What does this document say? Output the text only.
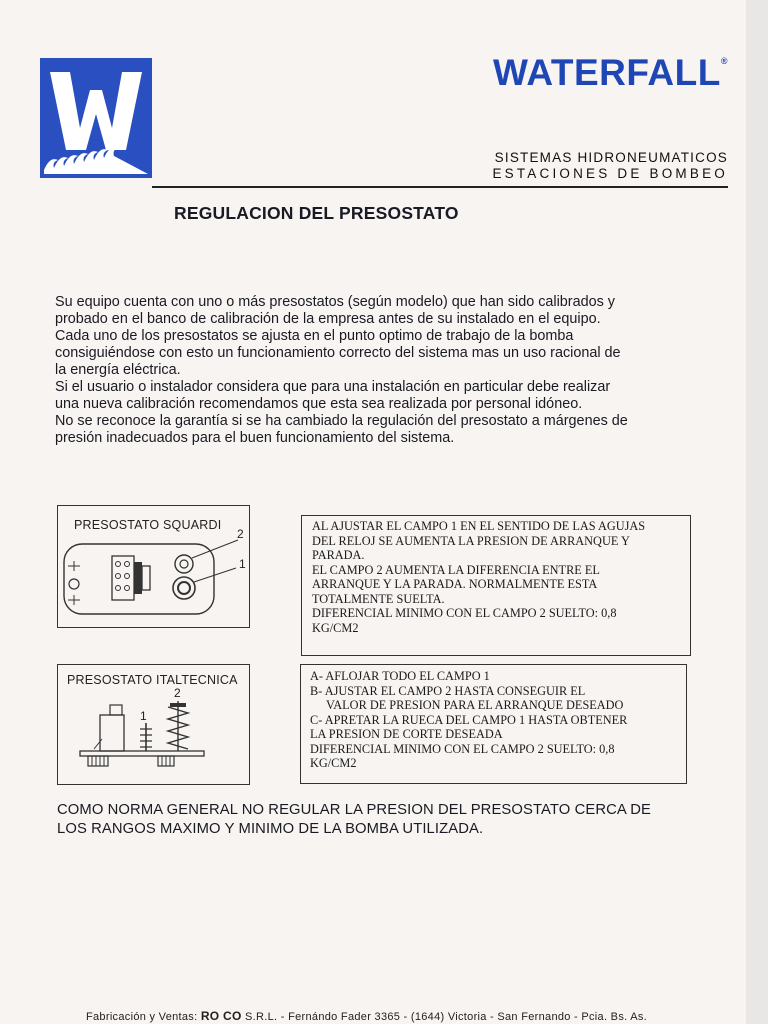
WATERFALL®
SISTEMAS HIDRONEUMATICOS
ESTACIONES DE BOMBEO
REGULACION DEL PRESOSTATO

Su equipo cuenta con uno o más presostatos (según modelo) que han sido calibrados y

probado en el banco de calibración de la empresa antes de su instalado en el equipo.

Cada uno de los presostatos se ajusta en el punto optimo de trabajo de la bomba

consiguiéndose con esto un funcionamiento correcto del sistema mas un uso racional de

la energía eléctrica.

Si el usuario o instalador considera que para una instalación en particular debe realizar

una nueva calibración recomendamos que esta sea realizada por personal idóneo.

No se reconoce la garantía si se ha cambiado la regulación del presostato a márgenes de

presión inadecuados para el buen funcionamiento del sistema.

PRESOSTATO SQUARDI
2
1
PRESOSTATO ITALTECNICA
2
1

AL AJUSTAR EL CAMPO 1 EN EL SENTIDO DE LAS AGUJAS

DEL RELOJ SE AUMENTA LA PRESION DE ARRANQUE Y

PARADA.

EL CAMPO 2 AUMENTA LA DIFERENCIA ENTRE EL

ARRANQUE Y LA PARADA. NORMALMENTE ESTA

TOTALMENTE SUELTA.

DIFERENCIAL MINIMO CON EL CAMPO 2 SUELTO: 0,8

KG/CM2

A- AFLOJAR TODO EL CAMPO 1

B- AJUSTAR EL CAMPO 2 HASTA CONSEGUIR EL

VALOR DE PRESION PARA EL ARRANQUE DESEADO

C- APRETAR LA RUECA DEL CAMPO 1 HASTA OBTENER

LA PRESION DE CORTE DESEADA

DIFERENCIAL MINIMO CON EL CAMPO 2 SUELTO: 0,8

KG/CM2

COMO NORMA GENERAL NO REGULAR LA PRESION DEL PRESOSTATO CERCA DE
LOS RANGOS MAXIMO Y MINIMO DE LA BOMBA UTILIZADA.
Fabricación y Ventas: RO CO S.R.L. - Fernándo Fader 3365 - (1644) Victoria - San Fernando - Pcia. Bs. As.
